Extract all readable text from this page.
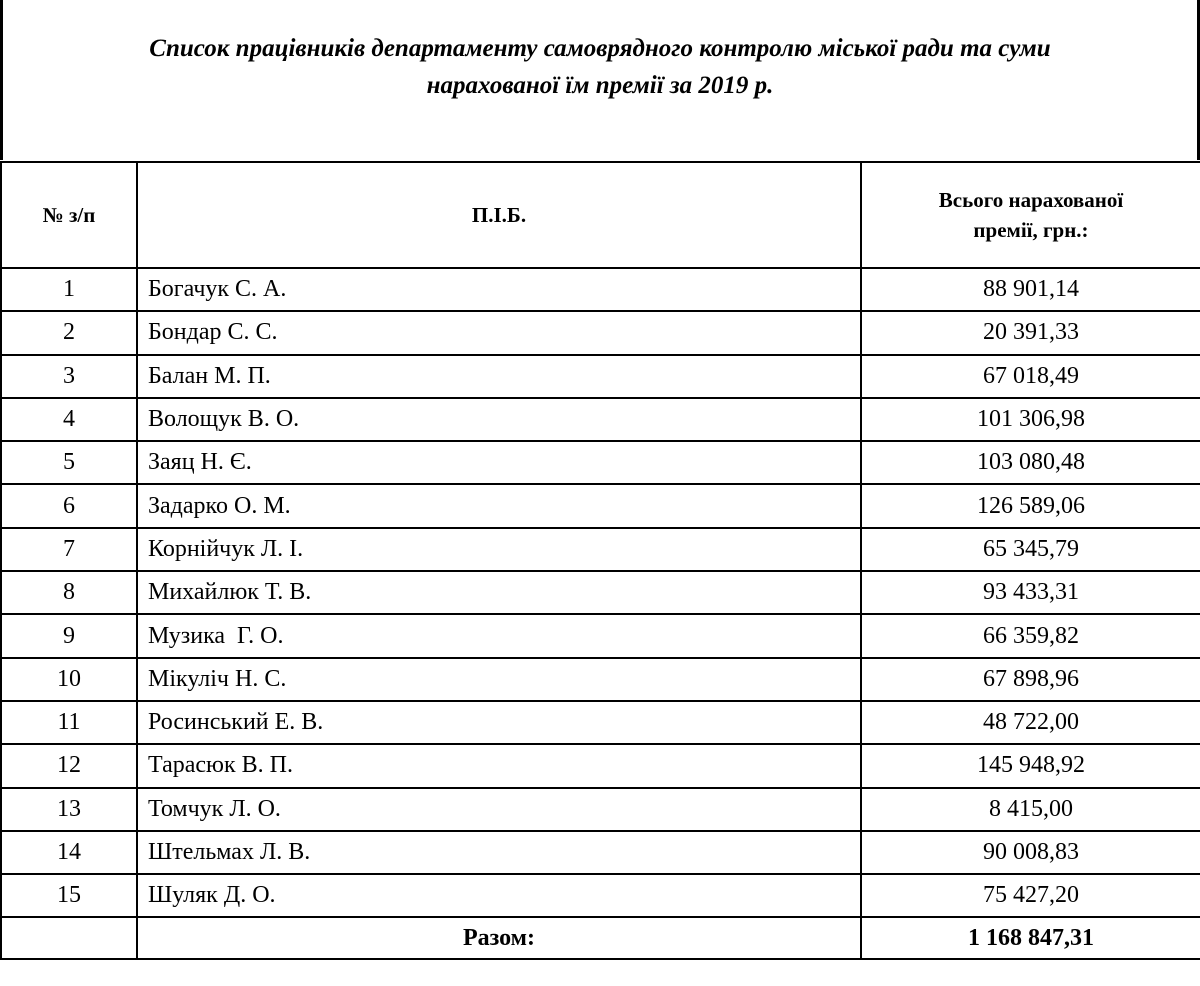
Список працівників департаменту самоврядного контролю міської ради та суми
нарахованої їм премії за 2019 р.
№ з/п	П.І.Б.	Всього нарахованої премії, грн.:
1	Богачук С. А.	88 901,14
2	Бондар С. С.	20 391,33
3	Балан М. П.	67 018,49
4	Волощук В. О.	101 306,98
5	Заяц Н. Є.	103 080,48
6	Задарко О. М.	126 589,06
7	Корнійчук Л. І.	65 345,79
8	Михайлюк Т. В.	93 433,31
9	Музика  Г. О.	66 359,82
10	Мікуліч Н. С.	67 898,96
11	Росинський Е. В.	48 722,00
12	Тарасюк В. П.	145 948,92
13	Томчук Л. О.	8 415,00
14	Штельмах Л. В.	90 008,83
15	Шуляк Д. О.	75 427,20
	Разом:	1 168 847,31
